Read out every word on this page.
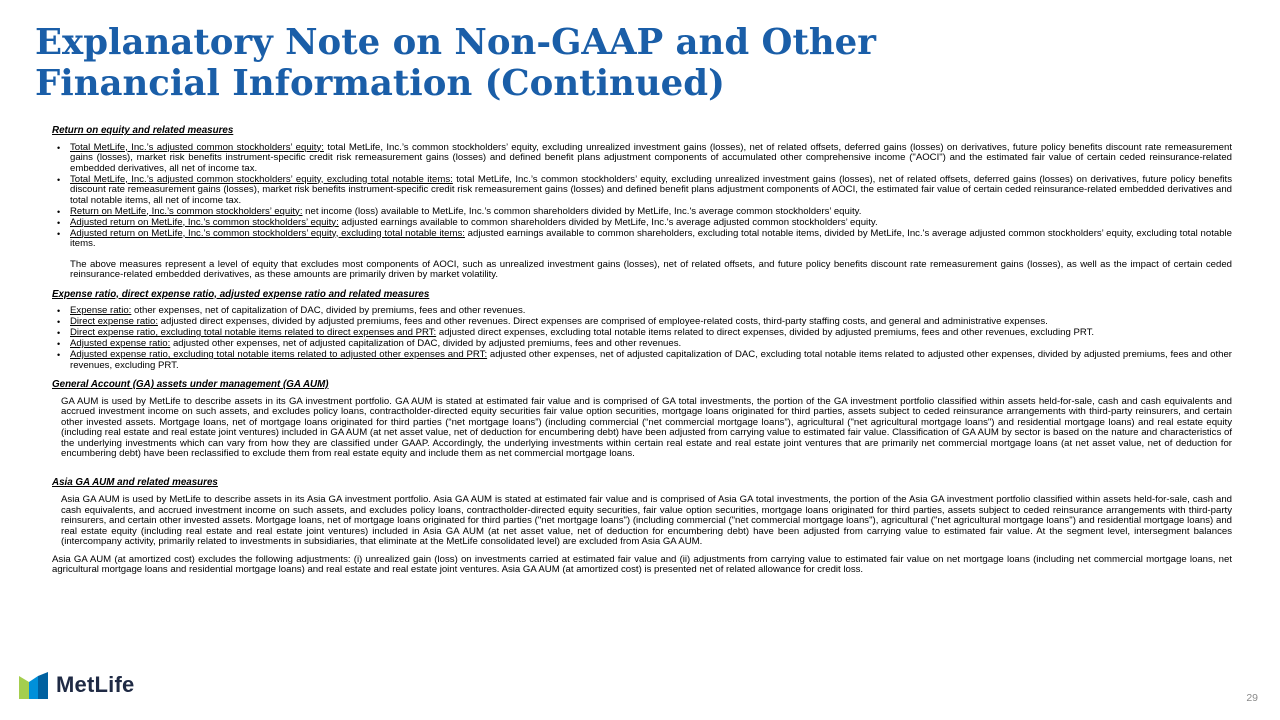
Explanatory Note on Non-GAAP and Other
Financial Information (Continued)
Return on equity and related measures
• Total MetLife, Inc.’s adjusted common stockholders’ equity: total MetLife, Inc.’s common stockholders’ equity, excluding unrealized investment gains (losses), net of related offsets, deferred gains (losses) on derivatives, future policy benefits discount rate remeasurement gains (losses), market risk benefits instrument-specific credit risk remeasurement gains (losses) and defined benefit plans adjustment components of accumulated other comprehensive income ("AOCI") and the estimated fair value of certain ceded reinsurance-related embedded derivatives, all net of income tax.
• Total MetLife, Inc.’s adjusted common stockholders’ equity, excluding total notable items: total MetLife, Inc.’s common stockholders’ equity, excluding unrealized investment gains (losses), net of related offsets, deferred gains (losses) on derivatives, future policy benefits discount rate remeasurement gains (losses), market risk benefits instrument-specific credit risk remeasurement gains (losses) and defined benefit plans adjustment components of AOCI, the estimated fair value of certain ceded reinsurance-related embedded derivatives and total notable items, all net of income tax.
• Return on MetLife, Inc.’s common stockholders’ equity: net income (loss) available to MetLife, Inc.’s common shareholders divided by MetLife, Inc.'s average common stockholders’ equity.
• Adjusted return on MetLife, Inc.’s common stockholders’ equity: adjusted earnings available to common shareholders divided by MetLife, Inc.'s average adjusted common stockholders’ equity.
• Adjusted return on MetLife, Inc.’s common stockholders’ equity, excluding total notable items: adjusted earnings available to common shareholders, excluding total notable items, divided by MetLife, Inc.'s average adjusted common stockholders’ equity, excluding total notable items.

The above measures represent a level of equity that excludes most components of AOCI, such as unrealized investment gains (losses), net of related offsets, and future policy benefits discount rate remeasurement gains (losses), as well as the impact of certain ceded reinsurance-related embedded derivatives, as these amounts are primarily driven by market volatility.

Expense ratio, direct expense ratio, adjusted expense ratio and related measures
• Expense ratio: other expenses, net of capitalization of DAC, divided by premiums, fees and other revenues.
• Direct expense ratio: adjusted direct expenses, divided by adjusted premiums, fees and other revenues. Direct expenses are comprised of employee-related costs, third-party staffing costs, and general and administrative expenses.
• Direct expense ratio, excluding total notable items related to direct expenses and PRT: adjusted direct expenses, excluding total notable items related to direct expenses, divided by adjusted premiums, fees and other revenues, excluding PRT.
• Adjusted expense ratio: adjusted other expenses, net of adjusted capitalization of DAC, divided by adjusted premiums, fees and other revenues.
• Adjusted expense ratio, excluding total notable items related to adjusted other expenses and PRT: adjusted other expenses, net of adjusted capitalization of DAC, excluding total notable items related to adjusted other expenses, divided by adjusted premiums, fees and other revenues, excluding PRT.
General Account (GA) assets under management (GA AUM)

GA AUM is used by MetLife to describe assets in its GA investment portfolio. GA AUM is stated at estimated fair value and is comprised of GA total investments, the portion of the GA investment portfolio classified within assets held-for-sale, cash and cash equivalents and accrued investment income on such assets, and excludes policy loans, contractholder-directed equity securities fair value option securities, mortgage loans originated for third parties, assets subject to ceded reinsurance arrangements with third-party reinsurers, and certain other invested assets. Mortgage loans, net of mortgage loans originated for third parties (“net mortgage loans”) (including commercial (“net commercial mortgage loans”), agricultural ("net agricultural mortgage loans") and residential mortgage loans) and real estate equity (including real estate and real estate joint ventures) included in GA AUM (at net asset value, net of deduction for encumbering debt) have been adjusted from carrying value to estimated fair value. Classification of GA AUM by sector is based on the nature and characteristics of the underlying investments which can vary from how they are classified under GAAP. Accordingly, the underlying investments within certain real estate and real estate joint ventures that are primarily net commercial mortgage loans (at net asset value, net of deduction for encumbering debt) have been reclassified to exclude them from real estate equity and include them as net commercial mortgage loans.

Asia GA AUM and related measures

Asia GA AUM is used by MetLife to describe assets in its Asia GA investment portfolio. Asia GA AUM is stated at estimated fair value and is comprised of Asia GA total investments, the portion of the Asia GA investment portfolio classified within assets held-for-sale, cash and cash equivalents, and accrued investment income on such assets, and excludes policy loans, contractholder-directed equity securities, fair value option securities, mortgage loans originated for third parties, assets subject to ceded reinsurance arrangements with third-party reinsurers, and certain other invested assets. Mortgage loans, net of mortgage loans originated for third parties ("net mortgage loans") (including commercial ("net commercial mortgage loans"), agricultural ("net agricultural mortgage loans") and residential mortgage loans) and real estate equity (including real estate and real estate joint ventures) included in Asia GA AUM (at net asset value, net of deduction for encumbering debt) have been adjusted from carrying value to estimated fair value. At the segment level, intersegment balances (intercompany activity, primarily related to investments in subsidiaries, that eliminate at the MetLife consolidated level) are excluded from Asia GA AUM.

Asia GA AUM (at amortized cost) excludes the following adjustments: (i) unrealized gain (loss) on investments carried at estimated fair value and (ii) adjustments from carrying value to estimated fair value on net mortgage loans (including net commercial mortgage loans, net agricultural mortgage loans and residential mortgage loans) and real estate and real estate joint ventures. Asia GA AUM (at amortized cost) is presented net of related allowance for credit loss.

MetLife
29
